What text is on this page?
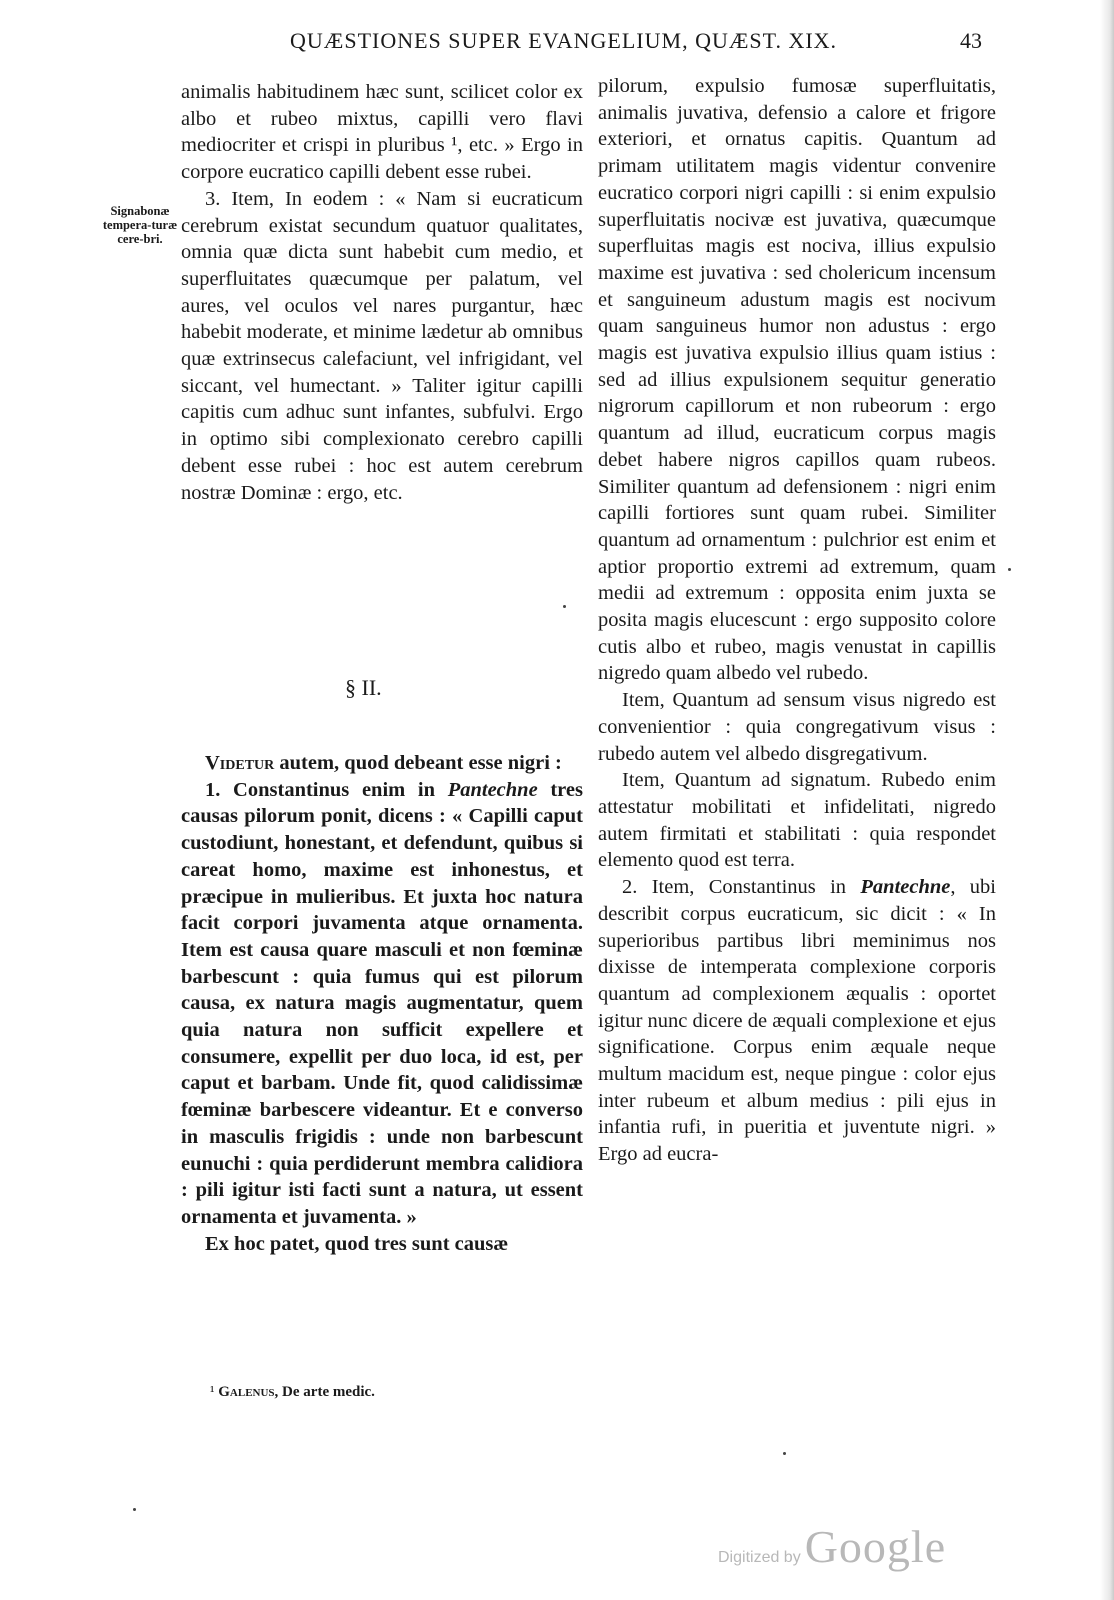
QUÆSTIONES SUPER EVANGELIUM, QUÆST. XIX.	43
Signabonæ tempera-turæ cere-bri.

animalis habitudinem hæc sunt, scilicet color ex albo et rubeo mixtus, capilli vero flavi mediocriter et crispi in pluribus ¹, etc. » Ergo in corpore eucratico capilli debent esse rubei.

3. Item, In eodem : « Nam si eucraticum cerebrum existat secundum quatuor qualitates, omnia quæ dicta sunt habebit cum medio, et superfluitates quæcumque per palatum, vel aures, vel oculos vel nares purgantur, hæc habebit moderate, et minime lædetur ab omnibus quæ extrinsecus calefaciunt, vel infrigidant, vel siccant, vel humectant. » Taliter igitur capilli capitis cum adhuc sunt infantes, subfulvi. Ergo in optimo sibi complexionato cerebro capilli debent esse rubei : hoc est autem cerebrum nostræ Dominæ : ergo, etc.

§ II.

Videtur autem, quod debeant esse nigri :

1. Constantinus enim in Pantechne tres causas pilorum ponit, dicens : « Capilli caput custodiunt, honestant, et defendunt, quibus si careat homo, maxime est inhonestus, et præcipue in mulieribus. Et juxta hoc natura facit corpori juvamenta atque ornamenta. Item est causa quare masculi et non fœminæ barbescunt : quia fumus qui est pilorum causa, ex natura magis augmentatur, quem quia natura non sufficit expellere et consumere, expellit per duo loca, id est, per caput et barbam. Unde fit, quod calidissimæ fœminæ barbescere videantur. Et e converso in masculis frigidis : unde non barbescunt eunuchi : quia perdiderunt membra calidiora : pili igitur isti facti sunt a natura, ut essent ornamenta et juvamenta. »

Ex hoc patet, quod tres sunt causæ

pilorum, expulsio fumosæ superfluitatis, animalis juvativa, defensio a calore et frigore exteriori, et ornatus capitis. Quantum ad primam utilitatem magis videntur convenire eucratico corpori nigri capilli : si enim expulsio superfluitatis nocivæ est juvativa, quæcumque superfluitas magis est nociva, illius expulsio maxime est juvativa : sed cholericum incensum et sanguineum adustum magis est nocivum quam sanguineus humor non adustus : ergo magis est juvativa expulsio illius quam istius : sed ad illius expulsionem sequitur generatio nigrorum capillorum et non rubeorum : ergo quantum ad illud, eucraticum corpus magis debet habere nigros capillos quam rubeos. Similiter quantum ad defensionem : nigri enim capilli fortiores sunt quam rubei. Similiter quantum ad ornamentum : pulchrior est enim et aptior proportio extremi ad extremum, quam medii ad extremum : opposita enim juxta se posita magis elucescunt : ergo supposito colore cutis albo et rubeo, magis venustat in capillis nigredo quam albedo vel rubedo.

Item, Quantum ad sensum visus nigredo est convenientior : quia congregativum visus : rubedo autem vel albedo disgregativum.

Item, Quantum ad signatum. Rubedo enim attestatur mobilitati et infidelitati, nigredo autem firmitati et stabilitati : quia respondet elemento quod est terra.

2. Item, Constantinus in Pantechne, ubi describit corpus eucraticum, sic dicit : « In superioribus partibus libri meminimus nos dixisse de intemperata complexione corporis quantum ad complexionem æqualis : oportet igitur nunc dicere de æquali complexione et ejus significatione. Corpus enim æquale neque multum macidum est, neque pingue : color ejus inter rubeum et album medius : pili ejus in infantia rufi, in pueritia et juventute nigri. » Ergo ad eucra-

¹ Galenus, De arte medic.
Digitized by Google
